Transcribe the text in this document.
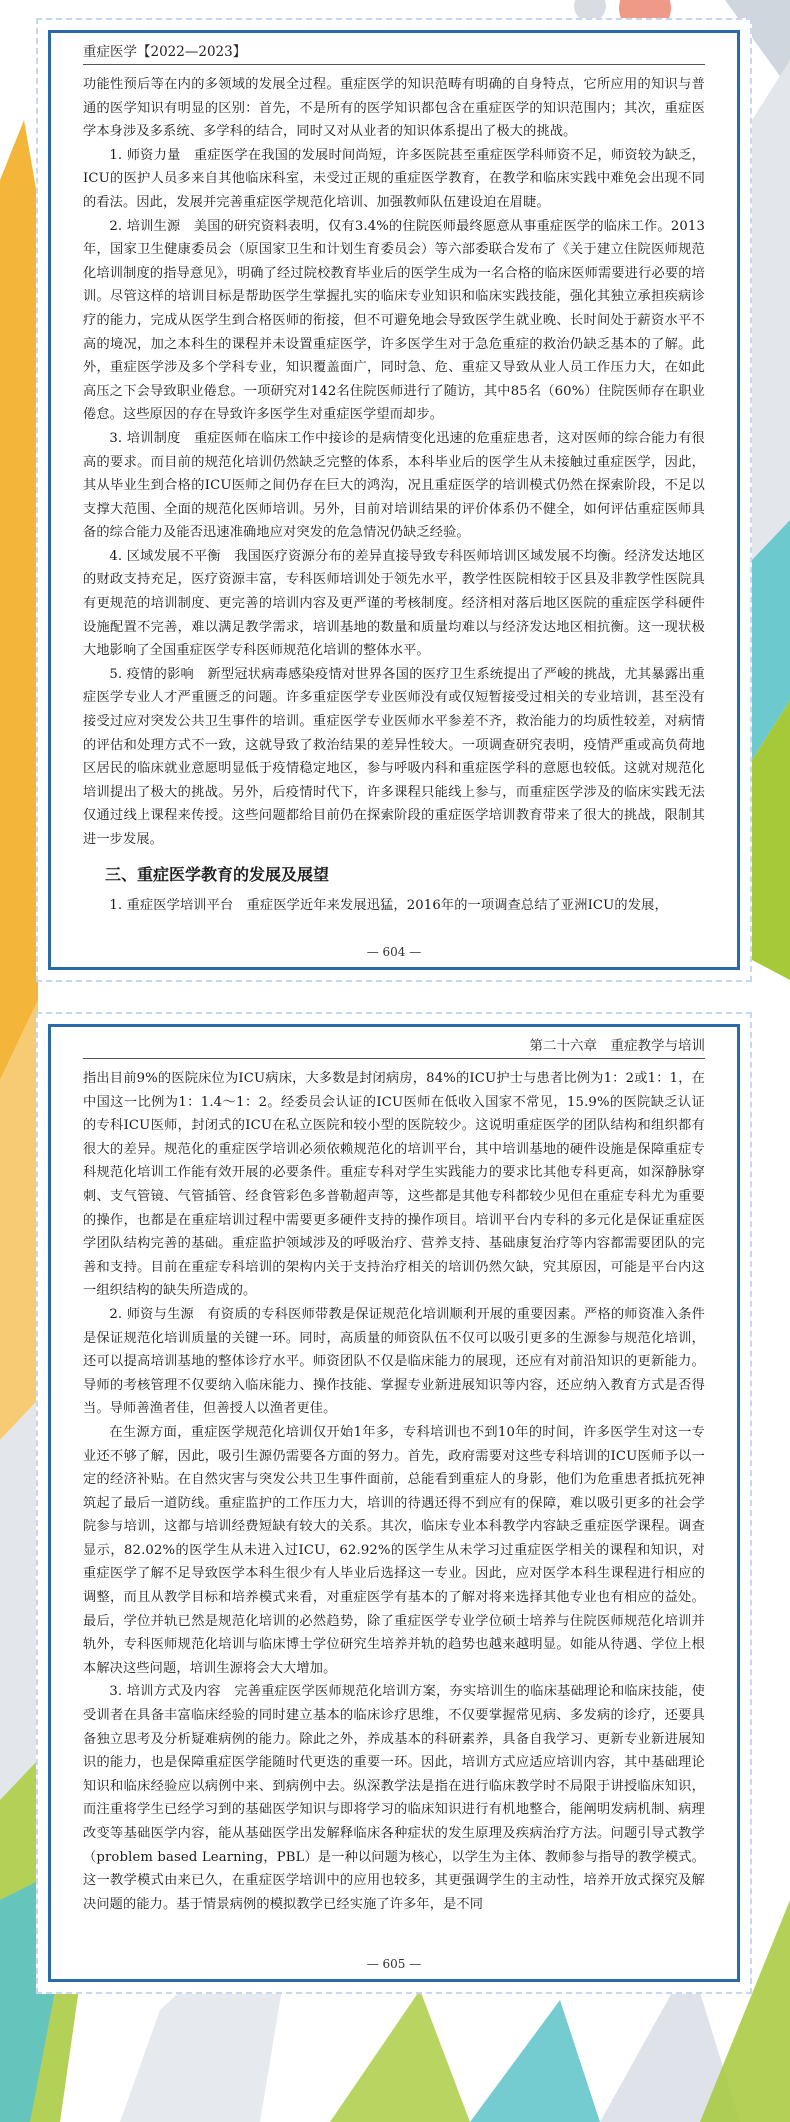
重症医学【2022—2023】

功能性预后等在内的多领域的发展全过程。重症医学的知识范畴有明确的自身特点，它所应用的知识与普通的医学知识有明显的区别：首先，不是所有的医学知识都包含在重症医学的知识范围内；其次，重症医学本身涉及多系统、多学科的结合，同时又对从业者的知识体系提出了极大的挑战。

1. 师资力量　重症医学在我国的发展时间尚短，许多医院甚至重症医学科师资不足，师资较为缺乏，ICU的医护人员多来自其他临床科室，未受过正规的重症医学教育，在教学和临床实践中难免会出现不同的看法。因此，发展并完善重症医学规范化培训、加强教师队伍建设迫在眉睫。

2. 培训生源　美国的研究资料表明，仅有3.4%的住院医师最终愿意从事重症医学的临床工作。2013年，国家卫生健康委员会（原国家卫生和计划生育委员会）等六部委联合发布了《关于建立住院医师规范化培训制度的指导意见》，明确了经过院校教育毕业后的医学生成为一名合格的临床医师需要进行必要的培训。尽管这样的培训目标是帮助医学生掌握扎实的临床专业知识和临床实践技能，强化其独立承担疾病诊疗的能力，完成从医学生到合格医师的衔接，但不可避免地会导致医学生就业晚、长时间处于薪资水平不高的境况，加之本科生的课程并未设置重症医学，许多医学生对于急危重症的救治仍缺乏基本的了解。此外，重症医学涉及多个学科专业，知识覆盖面广，同时急、危、重症又导致从业人员工作压力大，在如此高压之下会导致职业倦怠。一项研究对142名住院医师进行了随访，其中85名（60%）住院医师存在职业倦怠。这些原因的存在导致许多医学生对重症医学望而却步。

3. 培训制度　重症医师在临床工作中接诊的是病情变化迅速的危重症患者，这对医师的综合能力有很高的要求。而目前的规范化培训仍然缺乏完整的体系，本科毕业后的医学生从未接触过重症医学，因此，其从毕业生到合格的ICU医师之间仍存在巨大的鸿沟，况且重症医学的培训模式仍然在探索阶段，不足以支撑大范围、全面的规范化医师培训。另外，目前对培训结果的评价体系仍不健全，如何评估重症医师具备的综合能力及能否迅速准确地应对突发的危急情况仍缺乏经验。

4. 区域发展不平衡　我国医疗资源分布的差异直接导致专科医师培训区域发展不均衡。经济发达地区的财政支持充足，医疗资源丰富，专科医师培训处于领先水平，教学性医院相较于区县及非教学性医院具有更规范的培训制度、更完善的培训内容及更严谨的考核制度。经济相对落后地区医院的重症医学科硬件设施配置不完善，难以满足教学需求，培训基地的数量和质量均难以与经济发达地区相抗衡。这一现状极大地影响了全国重症医学专科医师规范化培训的整体水平。

5. 疫情的影响　新型冠状病毒感染疫情对世界各国的医疗卫生系统提出了严峻的挑战，尤其暴露出重症医学专业人才严重匮乏的问题。许多重症医学专业医师没有或仅短暂接受过相关的专业培训，甚至没有接受过应对突发公共卫生事件的培训。重症医学专业医师水平参差不齐，救治能力的均质性较差，对病情的评估和处理方式不一致，这就导致了救治结果的差异性较大。一项调查研究表明，疫情严重或高负荷地区居民的临床就业意愿明显低于疫情稳定地区，参与呼吸内科和重症医学科的意愿也较低。这就对规范化培训提出了极大的挑战。另外，后疫情时代下，许多课程只能线上参与，而重症医学涉及的临床实践无法仅通过线上课程来传授。这些问题都给目前仍在探索阶段的重症医学培训教育带来了很大的挑战，限制其进一步发展。

三、重症医学教育的发展及展望

1. 重症医学培训平台　重症医学近年来发展迅猛，2016年的一项调查总结了亚洲ICU的发展，

— 604 —
第二十六章　重症教学与培训

指出目前9%的医院床位为ICU病床，大多数是封闭病房，84%的ICU护士与患者比例为1：2或1：1，在中国这一比例为1：1.4～1：2。经委员会认证的ICU医师在低收入国家不常见，15.9%的医院缺乏认证的专科ICU医师，封闭式的ICU在私立医院和较小型的医院较少。这说明重症医学的团队结构和组织都有很大的差异。规范化的重症医学培训必须依赖规范化的培训平台，其中培训基地的硬件设施是保障重症专科规范化培训工作能有效开展的必要条件。重症专科对学生实践能力的要求比其他专科更高，如深静脉穿刺、支气管镜、气管插管、经食管彩色多普勒超声等，这些都是其他专科都较少见但在重症专科尤为重要的操作，也都是在重症培训过程中需要更多硬件支持的操作项目。培训平台内专科的多元化是保证重症医学团队结构完善的基础。重症监护领域涉及的呼吸治疗、营养支持、基础康复治疗等内容都需要团队的完善和支持。目前在重症专科培训的架构内关于支持治疗相关的培训仍然欠缺，究其原因，可能是平台内这一组织结构的缺失所造成的。

2. 师资与生源　有资质的专科医师带教是保证规范化培训顺利开展的重要因素。严格的师资准入条件是保证规范化培训质量的关键一环。同时，高质量的师资队伍不仅可以吸引更多的生源参与规范化培训，还可以提高培训基地的整体诊疗水平。师资团队不仅是临床能力的展现，还应有对前沿知识的更新能力。导师的考核管理不仅要纳入临床能力、操作技能、掌握专业新进展知识等内容，还应纳入教育方式是否得当。导师善渔者佳，但善授人以渔者更佳。

在生源方面，重症医学规范化培训仅开始1年多，专科培训也不到10年的时间，许多医学生对这一专业还不够了解，因此，吸引生源仍需要各方面的努力。首先，政府需要对这些专科培训的ICU医师予以一定的经济补贴。在自然灾害与突发公共卫生事件面前，总能看到重症人的身影，他们为危重患者抵抗死神筑起了最后一道防线。重症监护的工作压力大，培训的待遇还得不到应有的保障，难以吸引更多的社会学院参与培训，这都与培训经费短缺有较大的关系。其次，临床专业本科教学内容缺乏重症医学课程。调查显示，82.02%的医学生从未进入过ICU，62.92%的医学生从未学习过重症医学相关的课程和知识，对重症医学了解不足导致医学本科生很少有人毕业后选择这一专业。因此，应对医学本科生课程进行相应的调整，而且从教学目标和培养模式来看，对重症医学有基本的了解对将来选择其他专业也有相应的益处。最后，学位并轨已然是规范化培训的必然趋势，除了重症医学专业学位硕士培养与住院医师规范化培训并轨外，专科医师规范化培训与临床博士学位研究生培养并轨的趋势也越来越明显。如能从待遇、学位上根本解决这些问题，培训生源将会大大增加。

3. 培训方式及内容　完善重症医学医师规范化培训方案，夯实培训生的临床基础理论和临床技能，使受训者在具备丰富临床经验的同时建立基本的临床诊疗思维，不仅要掌握常见病、多发病的诊疗，还要具备独立思考及分析疑难病例的能力。除此之外，养成基本的科研素养，具备自我学习、更新专业新进展知识的能力，也是保障重症医学能随时代更迭的重要一环。因此，培训方式应适应培训内容，其中基础理论知识和临床经验应以病例中来、到病例中去。纵深教学法是指在进行临床教学时不局限于讲授临床知识，而注重将学生已经学习到的基础医学知识与即将学习的临床知识进行有机地整合，能阐明发病机制、病理改变等基础医学内容，能从基础医学出发解释临床各种症状的发生原理及疾病治疗方法。问题引导式教学（problem based Learning，PBL）是一种以问题为核心，以学生为主体、教师参与指导的教学模式。这一教学模式由来已久，在重症医学培训中的应用也较多，其更强调学生的主动性，培养开放式探究及解决问题的能力。基于情景病例的模拟教学已经实施了许多年，是不同

— 605 —
